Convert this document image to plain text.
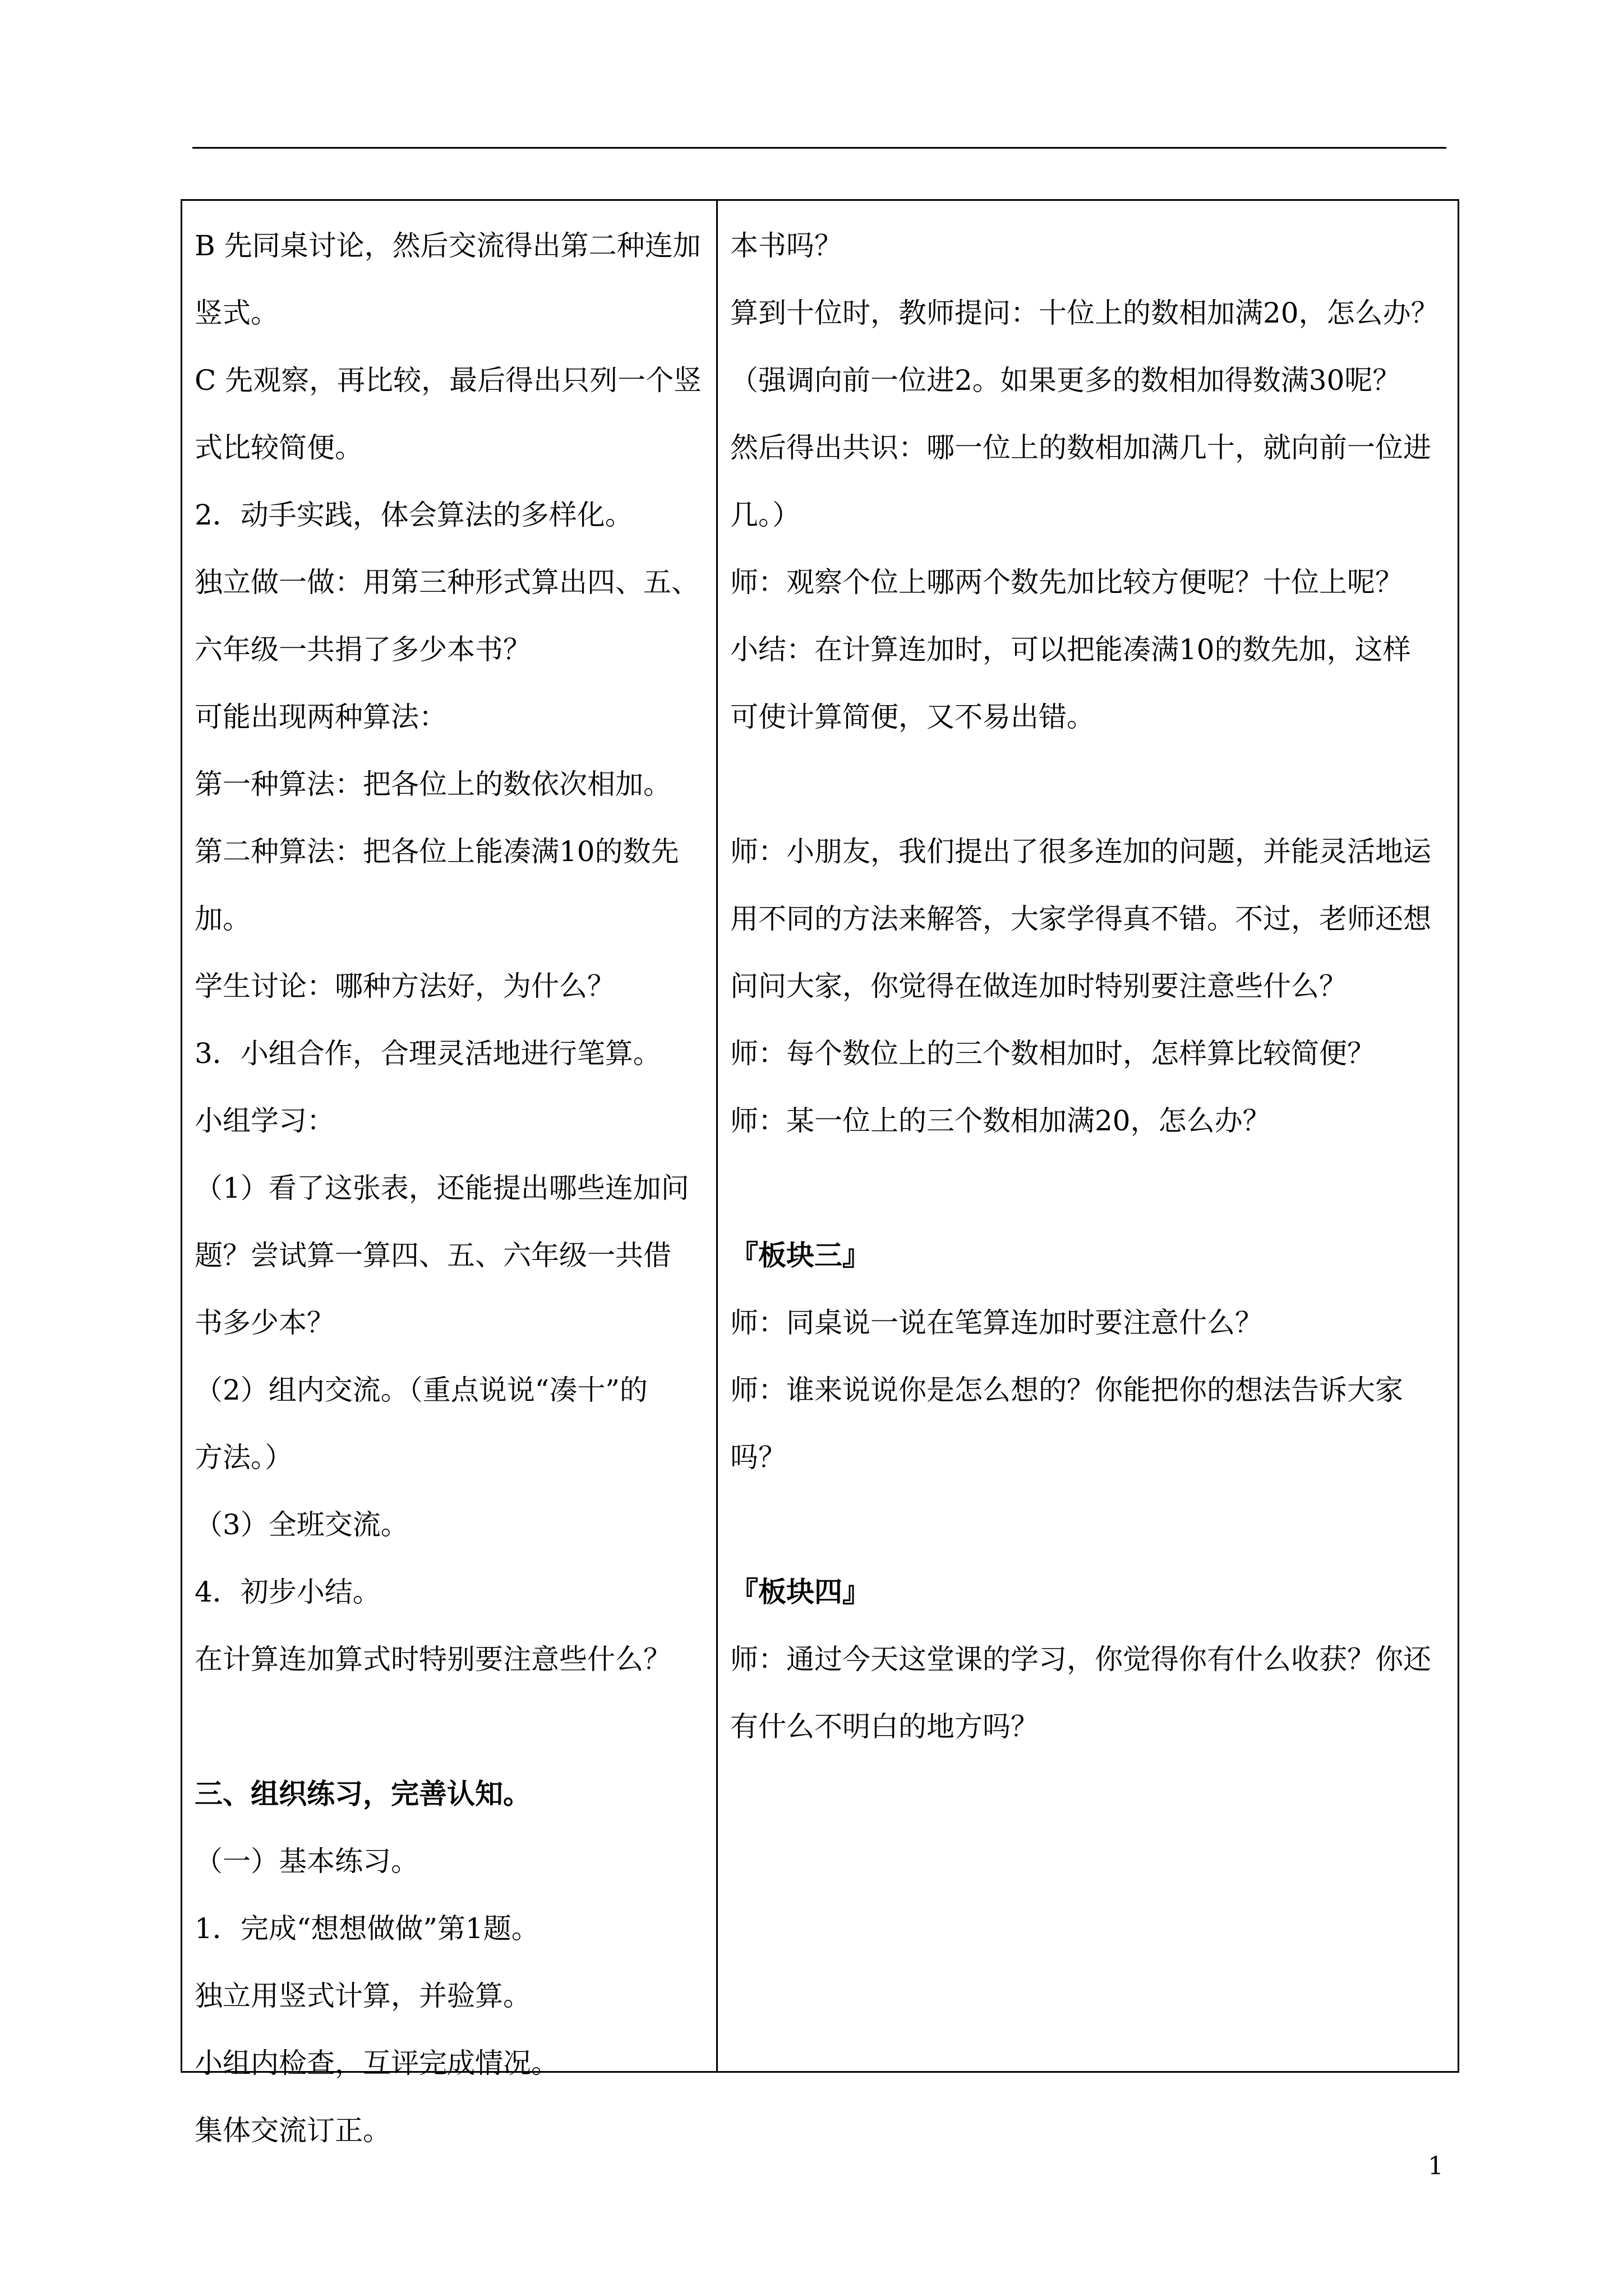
B 先同桌讨论，然后交流得出第二种连加
竖式。
C 先观察，再比较，最后得出只列一个竖
式比较简便。
2．动手实践，体会算法的多样化。
独立做一做：用第三种形式算出四、五、
六年级一共捐了多少本书？
可能出现两种算法：
第一种算法：把各位上的数依次相加。
第二种算法：把各位上能凑满10的数先
加。
学生讨论：哪种方法好，为什么？
3．小组合作，合理灵活地进行笔算。
小组学习：
（1）看了这张表，还能提出哪些连加问
题？尝试算一算四、五、六年级一共借
书多少本？
（2）组内交流。（重点说说“凑十”的
方法。）
（3）全班交流。
4．初步小结。
在计算连加算式时特别要注意些什么？
三、组织练习，完善认知。
（一）基本练习。
1．完成“想想做做”第1题。
独立用竖式计算，并验算。
小组内检查，互评完成情况。
集体交流订正。
本书吗？
算到十位时，教师提问：十位上的数相加满20，怎么办？
（强调向前一位进2。如果更多的数相加得数满30呢？
然后得出共识：哪一位上的数相加满几十，就向前一位进
几。）
师：观察个位上哪两个数先加比较方便呢？十位上呢？
小结：在计算连加时，可以把能凑满10的数先加，这样
可使计算简便，又不易出错。
师：小朋友，我们提出了很多连加的问题，并能灵活地运
用不同的方法来解答，大家学得真不错。不过，老师还想
问问大家，你觉得在做连加时特别要注意些什么？
师：每个数位上的三个数相加时，怎样算比较简便？
师：某一位上的三个数相加满20，怎么办？
『板块三』
师：同桌说一说在笔算连加时要注意什么？
师：谁来说说你是怎么想的？你能把你的想法告诉大家
吗？
『板块四』
师：通过今天这堂课的学习，你觉得你有什么收获？你还
有什么不明白的地方吗？
1
